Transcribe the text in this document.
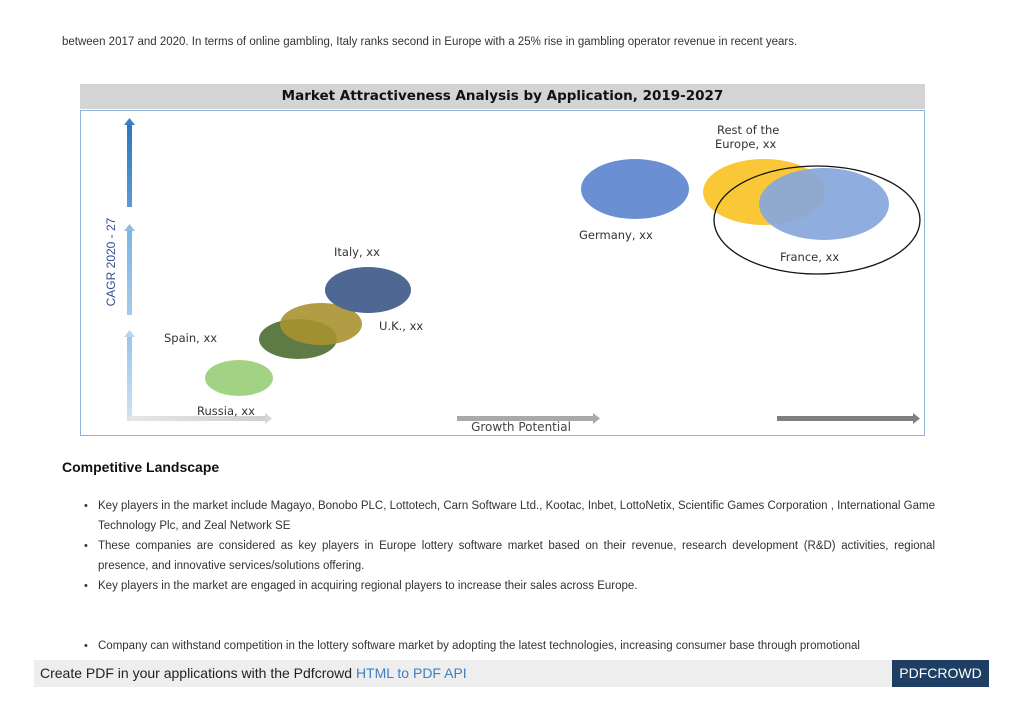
between 2017 and 2020. In terms of online gambling, Italy ranks second in Europe with a 25% rise in gambling operator revenue in recent years.
Market Attractiveness Analysis by Application, 2019-2027
CAGR 2020 - 27
Growth Potential
Russia, xx
Spain, xx
U.K., xx
Italy, xx
Germany, xx
Rest of the
Europe, xx
France, xx
Competitive Landscape
• Key players in the market include Magayo, Bonobo PLC, Lottotech, Carn Software Ltd., Kootac, Inbet, LottoNetix, Scientific Games Corporation , International Game Technology Plc, and Zeal Network SE
• These companies are considered as key players in Europe lottery software market based on their revenue, research development (R&D) activities, regional presence, and innovative services/solutions offering.
• Key players in the market are engaged in acquiring regional players to increase their sales across Europe.
• Company can withstand competition in the lottery software market by adopting the latest technologies, increasing consumer base through promotional
Create PDF in your applications with the Pdfcrowd HTML to PDF API	PDFCROWD
